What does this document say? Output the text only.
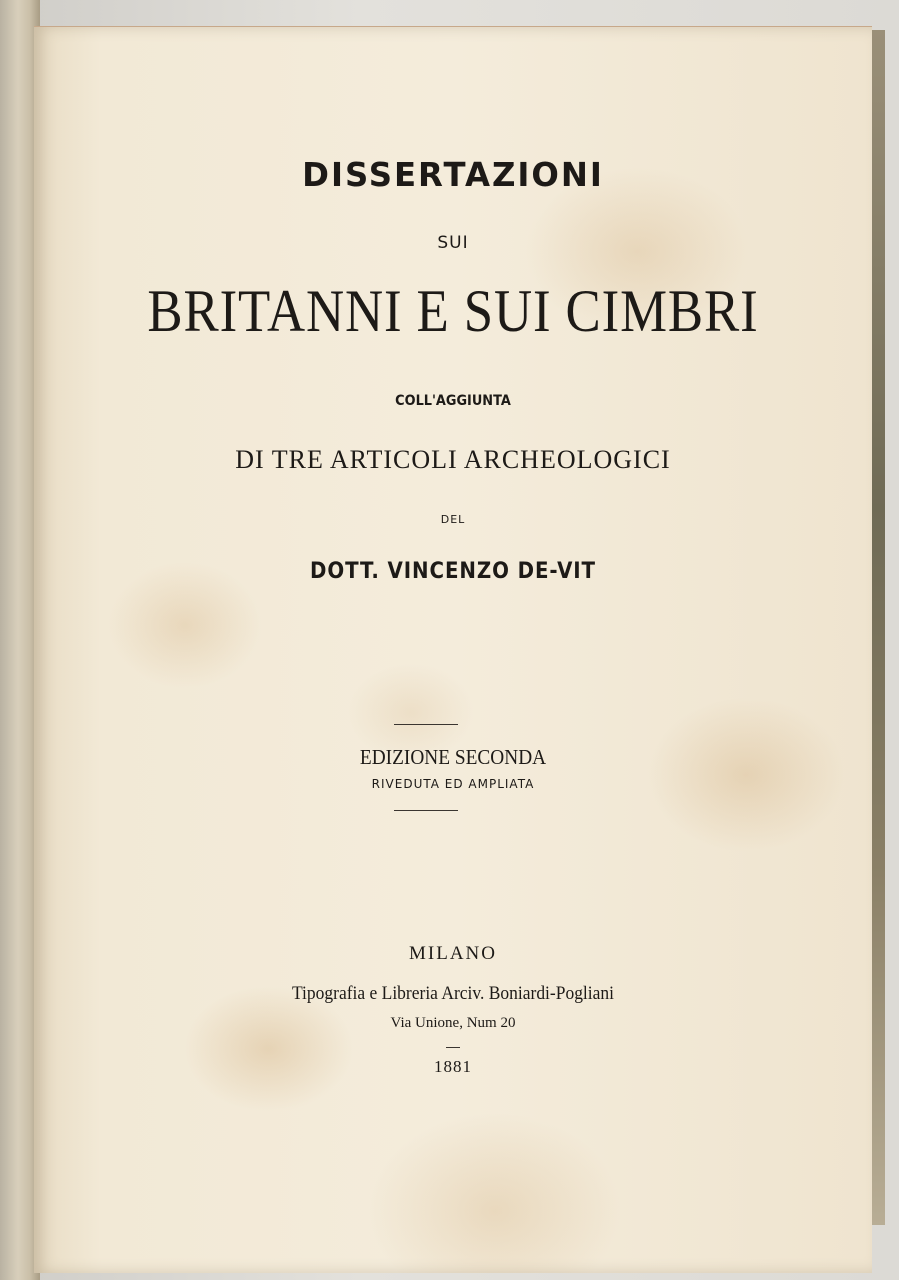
DISSERTAZIONI
SUI
BRITANNI E SUI CIMBRI
COLL'AGGIUNTA
DI TRE ARTICOLI ARCHEOLOGICI
DEL
DOTT. VINCENZO DE-VIT
EDIZIONE SECONDA
RIVEDUTA ED AMPLIATA
MILANO
Tipografia e Libreria Arciv. Boniardi-Pogliani
Via Unione, Num 20
1881
